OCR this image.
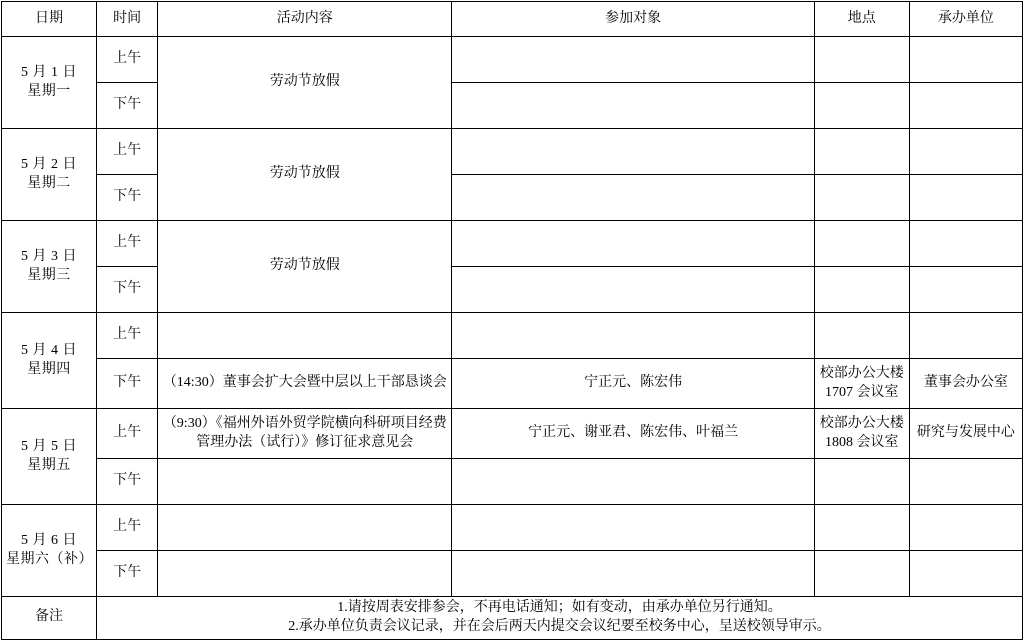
日期	时间	活动内容	参加对象	地点	承办单位

5 月 1 日
星期一	上午	劳动节放假			
	下午				

5 月 2 日
星期二	上午	劳动节放假			
	下午				

5 月 3 日
星期三	上午	劳动节放假			
	下午				

5 月 4 日
星期四	上午				
	下午	（14:30）董事会扩大会暨中层以上干部恳谈会	宁正元、陈宏伟	校部办公大楼
1707 会议室	董事会办公室

5 月 5 日
星期五	上午	（9:30）《福州外语外贸学院横向科研项目经费管理办法（试行）》修订征求意见会	宁正元、谢亚君、陈宏伟、叶福兰	校部办公大楼
1808 会议室	研究与发展中心
	下午				

5 月 6 日
星期六（补）	上午				
	下午				
备注	1.请按周表安排参会，不再电话通知；如有变动，由承办单位另行通知。
2.承办单位负责会议记录，并在会后两天内提交会议纪要至校务中心，呈送校领导审示。				
